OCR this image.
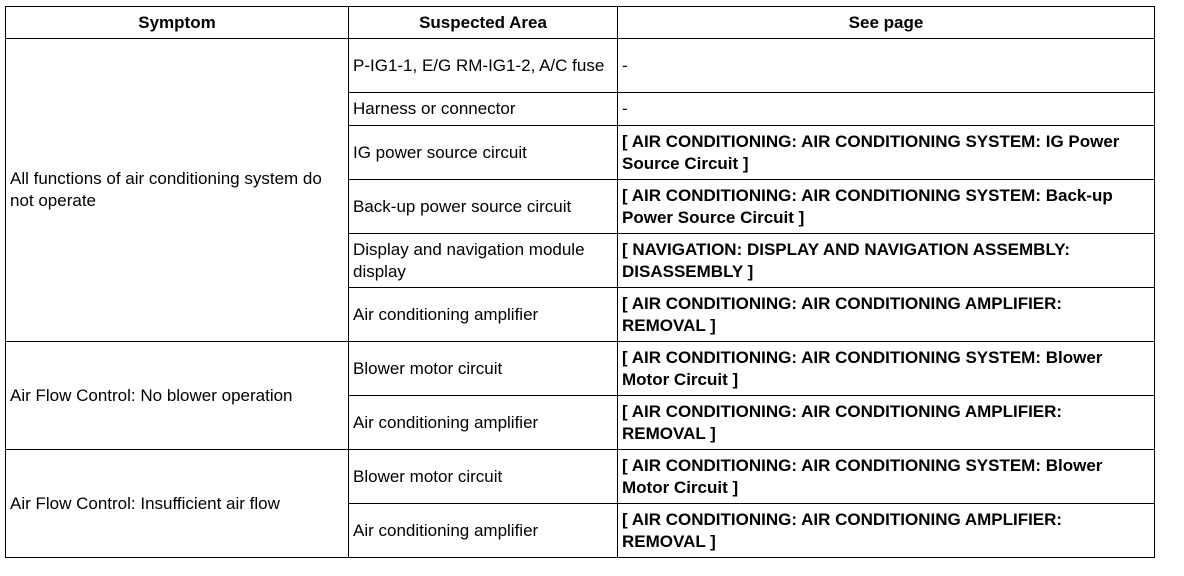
Symptom	Suspected Area	See page
All functions of air conditioning system do not operate	P-IG1-1, E/G RM-IG1-2, A/C fuse	-
	Harness or connector	-
	IG power source circuit	[ AIR CONDITIONING: AIR CONDITIONING SYSTEM: IG Power Source Circuit ]
	Back-up power source circuit	[ AIR CONDITIONING: AIR CONDITIONING SYSTEM: Back-up Power Source Circuit ]
	Display and navigation module display	[ NAVIGATION: DISPLAY AND NAVIGATION ASSEMBLY: DISASSEMBLY ]
	Air conditioning amplifier	[ AIR CONDITIONING: AIR CONDITIONING AMPLIFIER: REMOVAL ]
Air Flow Control: No blower operation	Blower motor circuit	[ AIR CONDITIONING: AIR CONDITIONING SYSTEM: Blower Motor Circuit ]
	Air conditioning amplifier	[ AIR CONDITIONING: AIR CONDITIONING AMPLIFIER: REMOVAL ]
Air Flow Control: Insufficient air flow	Blower motor circuit	[ AIR CONDITIONING: AIR CONDITIONING SYSTEM: Blower Motor Circuit ]
	Air conditioning amplifier	[ AIR CONDITIONING: AIR CONDITIONING AMPLIFIER: REMOVAL ]
